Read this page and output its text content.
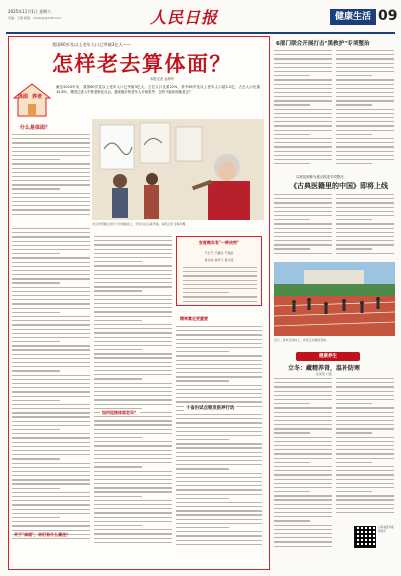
2025年11月1日 星期六
责编：王维 邮箱：rmrbhjb@126.com	人民日报	健康生活 09
我国60岁及以上老年人口已突破3亿人——
怎样老去算体面？
本报记者 金海华
体面 养老
截至2024年末，我国60岁及以上老年人口已突破3亿人，占总人口比重22%，其中65岁及以上老年人口超2.2亿，占总人口比重15.6%，我国已进入中度老龄化社会。越来越多的老年人开始思考：怎样才能体面地老去？
什么是体面？
北京市西城区老年大学国画班上，学员们在认真作画。本报记者 金海华摄
关于"体面"，你们有什么看法？
如何迎接体面老年？
安度晚年有"一种诀窍"
不生气 不攀比 不焦虑
常运动 常学习 常交流
精神富足更重要
6部门联合开展打击"黑救护"专项整治
以规范制修为重点推进专项整治
《古典医籍里的中国》即将上线
近日，某市运动场上，市民正在锻炼身体。
健康养生
立冬：藏精养肾，温补防寒
张某某 口述
扫码看更多健康资讯
十省份试点银发医养行动
